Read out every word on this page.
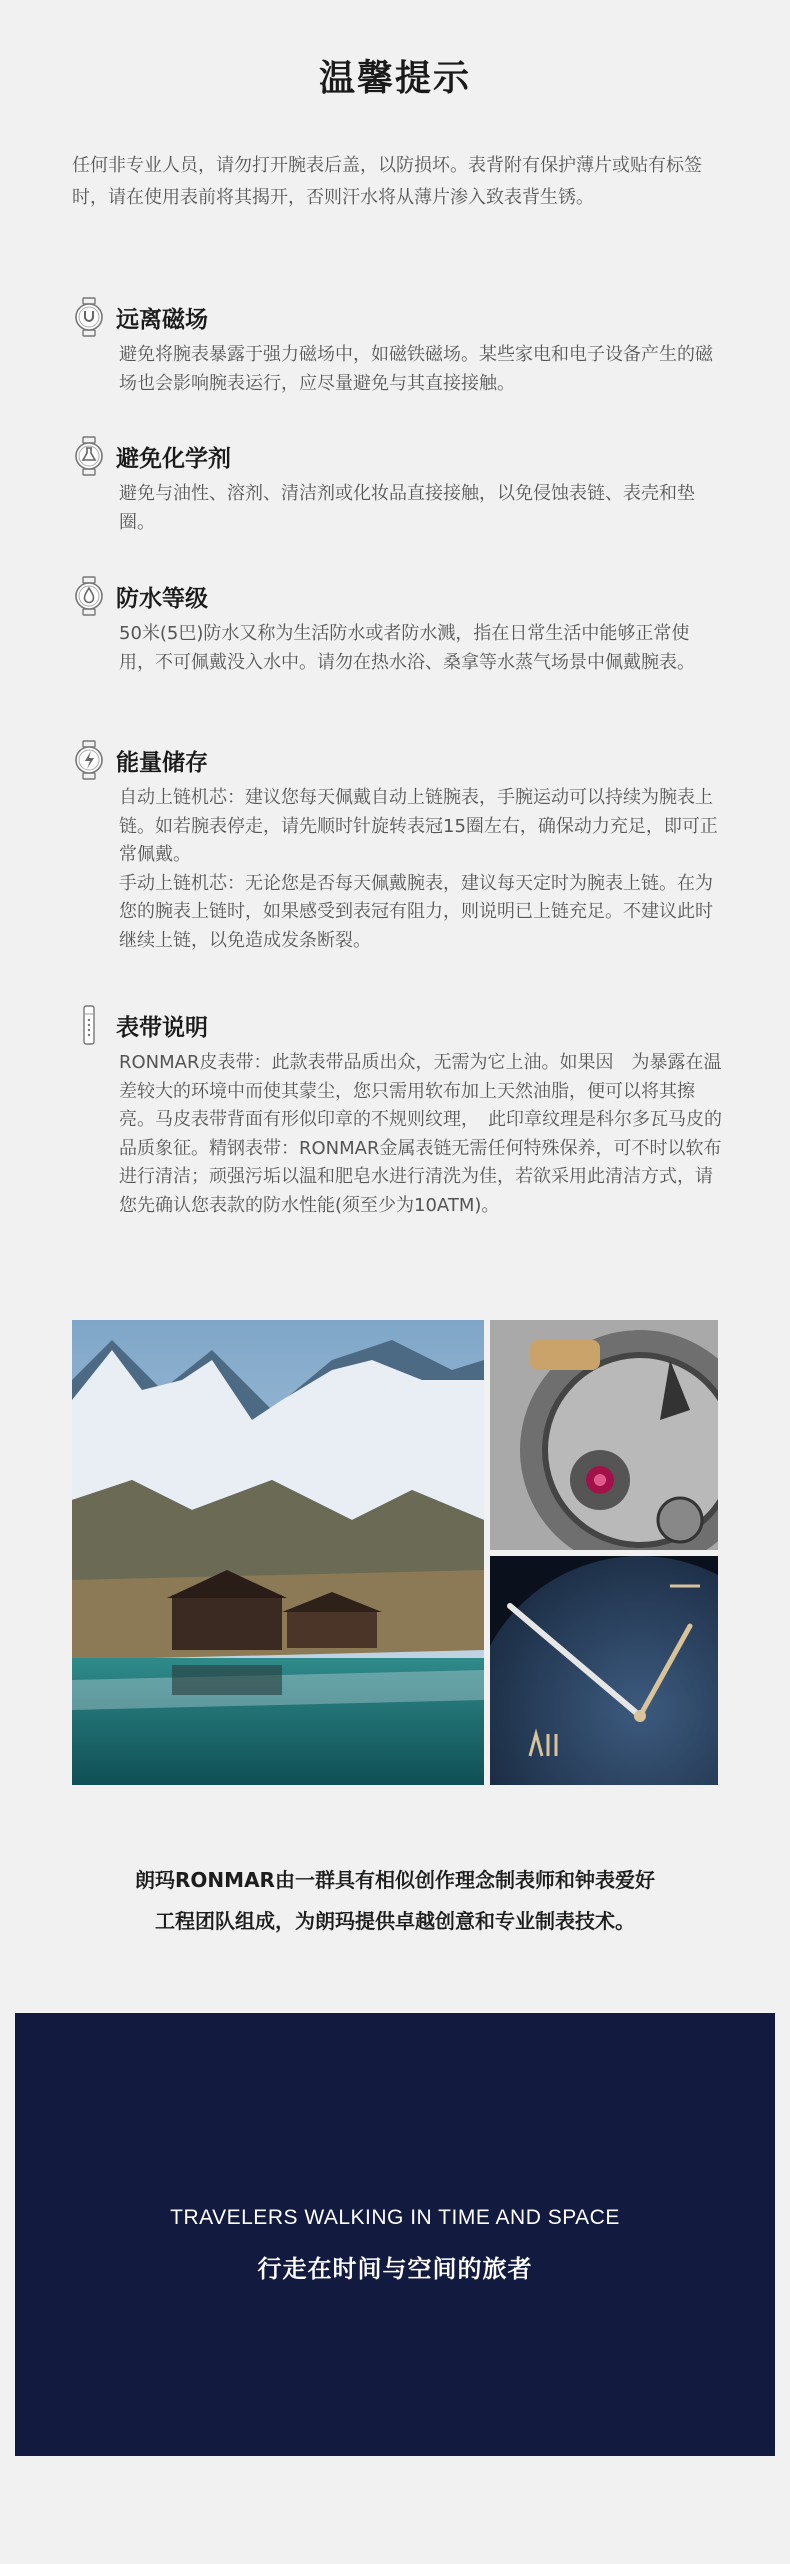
温馨提示
任何非专业人员，请勿打开腕表后盖，以防损坏。表背附有保护薄片或贴有标签时，请在使用表前将其揭开，否则汗水将从薄片渗入致表背生锈。
远离磁场

避免将腕表暴露于强力磁场中，如磁铁磁场。某些家电和电子设备产生的磁场也会影响腕表运行，应尽量避免与其直接接触。

避免化学剂

避免与油性、溶剂、清洁剂或化妆品直接接触，以免侵蚀表链、表壳和垫圈。

防水等级

50米(5巴)防水又称为生活防水或者防水溅，指在日常生活中能够正常使用，不可佩戴没入水中。请勿在热水浴、桑拿等水蒸气场景中佩戴腕表。

能量储存

自动上链机芯：建议您每天佩戴自动上链腕表，手腕运动可以持续为腕表上链。如若腕表停走，请先顺时针旋转表冠15圈左右，确保动力充足，即可正常佩戴。

手动上链机芯：无论您是否每天佩戴腕表，建议每天定时为腕表上链。在为您的腕表上链时，如果感受到表冠有阻力，则说明已上链充足。不建议此时继续上链，以免造成发条断裂。

表带说明

RONMAR皮表带：此款表带品质出众，无需为它上油。如果因　为暴露在温差较大的环境中而使其蒙尘，您只需用软布加上天然油脂，便可以将其擦亮。马皮表带背面有形似印章的不规则纹理，　此印章纹理是科尔多瓦马皮的品质象征。精钢表带：RONMAR金属表链无需任何特殊保养，可不时以软布　进行清洁；顽强污垢以温和肥皂水进行清洗为佳，若欲采用此清洁方式，请您先确认您表款的防水性能(须至少为10ATM)。

朗玛RONMAR由一群具有相似创作理念制表师和钟表爱好
工程团队组成，为朗玛提供卓越创意和专业制表技术。
TRAVELERS WALKING IN TIME AND SPACE
行走在时间与空间的旅者
